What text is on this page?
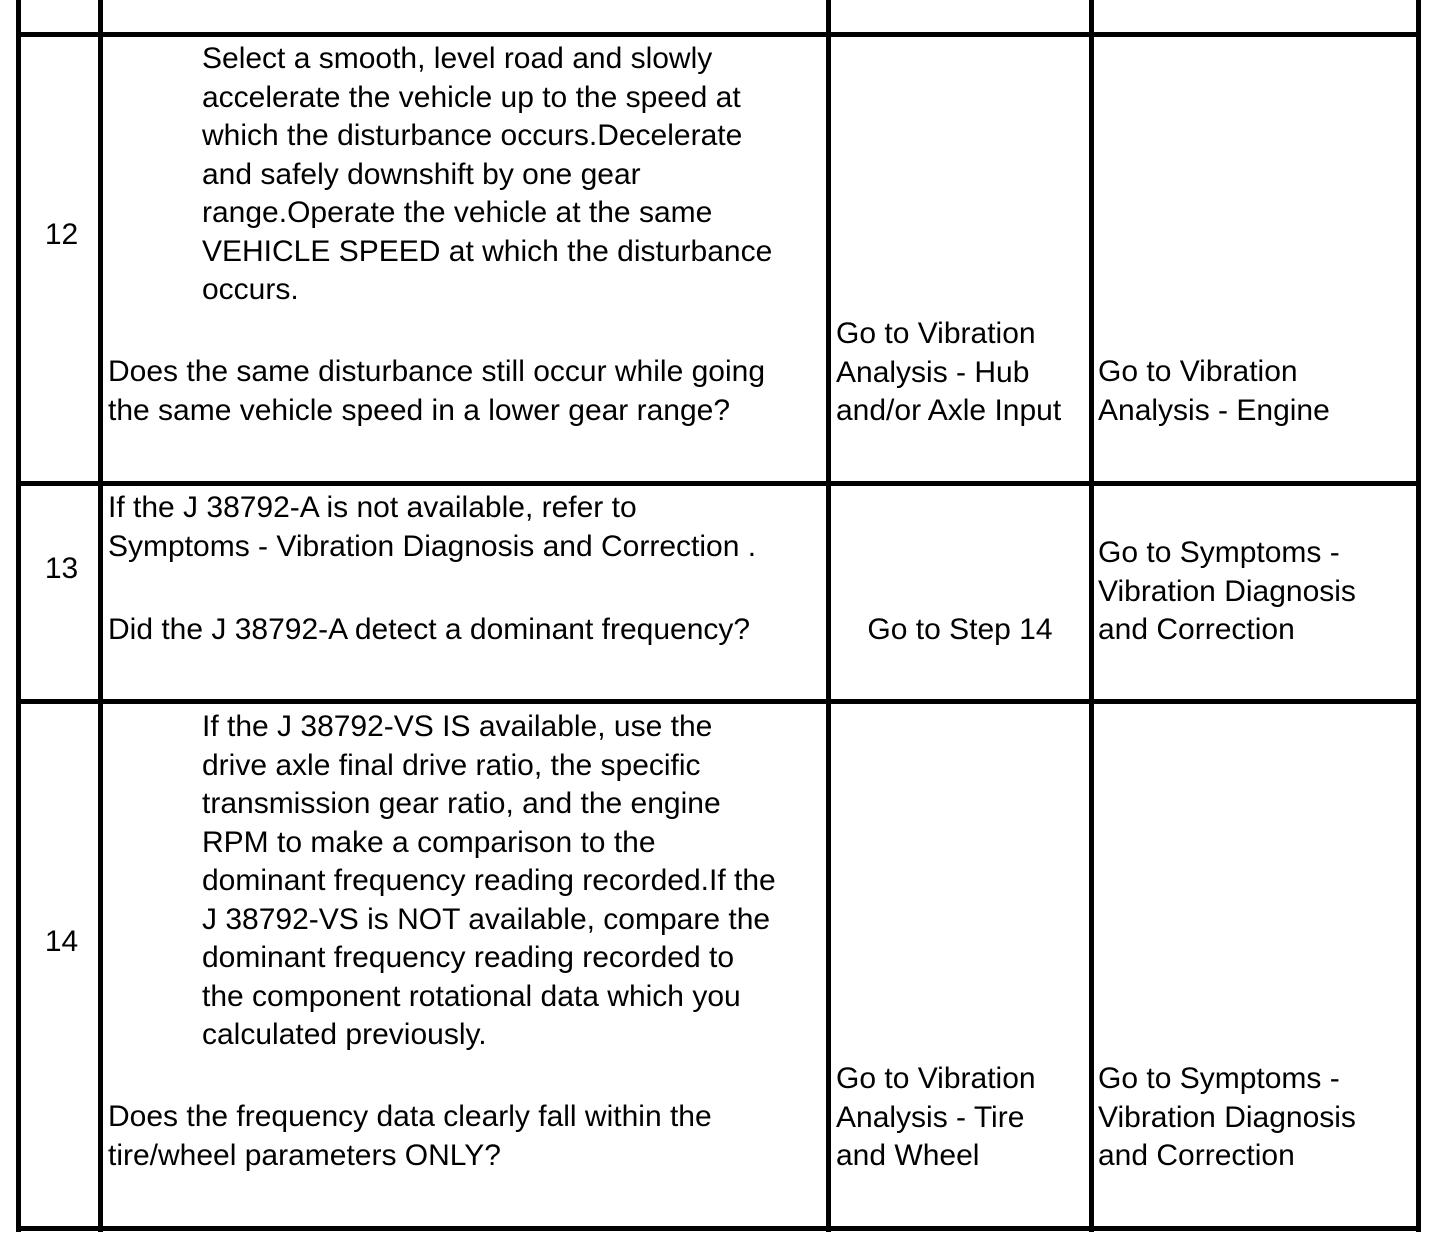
12

Select a smooth, level road and slowly
accelerate the vehicle up to the speed at
which the disturbance occurs.Decelerate
and safely downshift by one gear
range.Operate the vehicle at the same
VEHICLE SPEED at which the disturbance
occurs.

Does the same disturbance still occur while going
the same vehicle speed in a lower gear range?

Go to Vibration
Analysis - Hub
and/or Axle Input

Go to Vibration
Analysis - Engine

13

If the J 38792-A is not available, refer to
Symptoms - Vibration Diagnosis and Correction .

Did the J 38792-A detect a dominant frequency?	Go to Step 14

Go to Symptoms -
Vibration Diagnosis
and Correction

14

If the J 38792-VS IS available, use the
drive axle final drive ratio, the specific
transmission gear ratio, and the engine
RPM to make a comparison to the
dominant frequency reading recorded.If the
J 38792-VS is NOT available, compare the
dominant frequency reading recorded to
the component rotational data which you
calculated previously.

Does the frequency data clearly fall within the
tire/wheel parameters ONLY?

Go to Vibration
Analysis - Tire
and Wheel

Go to Symptoms -
Vibration Diagnosis
and Correction
